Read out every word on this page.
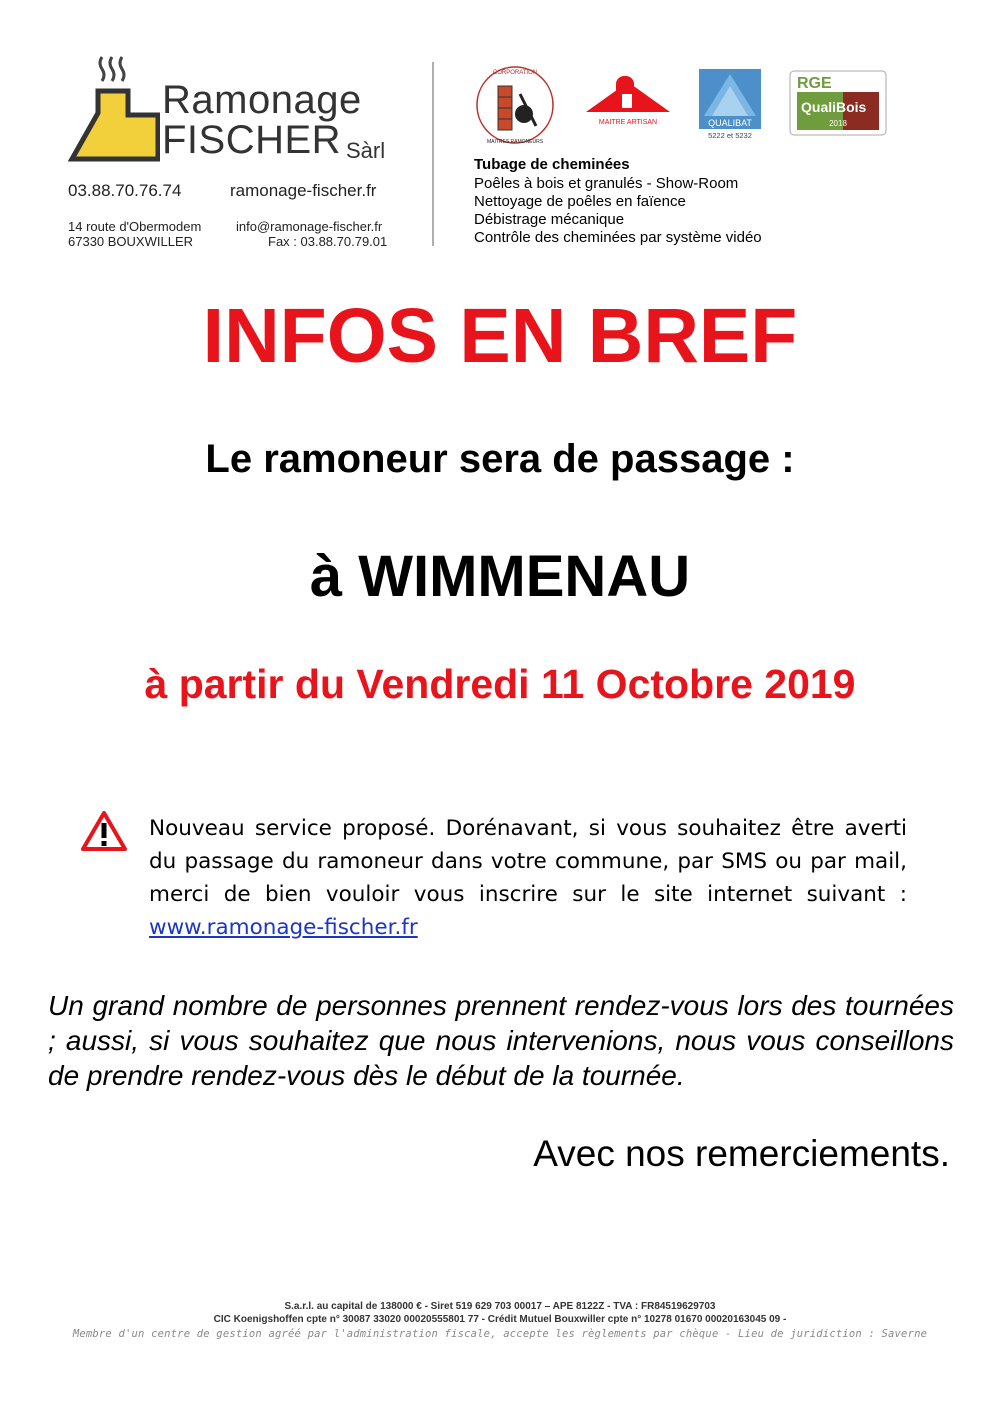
Ramonage
FISCHER Sàrl
03.88.70.76.74	ramonage-fischer.fr
14 route d'Obermodem
67330 BOUXWILLER
info@ramonage-fischer.fr
Fax : 03.88.70.79.01
CORPORATION
MAITRES RAMONEURS
MAITRE ARTISAN	QUALIBAT
5222 et 5232
RGE
QualiBois
2018
Tubage de cheminées
Poêles à bois et granulés - Show-Room
Nettoyage de poêles en faïence
Débistrage mécanique
Contrôle des cheminées par système vidéo
INFOS EN BREF
Le ramoneur sera de passage :
à WIMMENAU
à partir du Vendredi 11 Octobre 2019
Nouveau service proposé. Dorénavant, si vous souhaitez être averti du passage du ramoneur dans votre commune, par SMS ou par mail, merci de bien vouloir vous inscrire sur le site internet suivant : www.ramonage-fischer.fr
Un grand nombre de personnes prennent rendez-vous lors des tournées ; aussi, si vous souhaitez que nous intervenions, nous vous conseillons de prendre rendez-vous dès le début de la tournée.
Avec nos remerciements.
S.a.r.l. au capital de 138000 € - Siret 519 629 703 00017 – APE 8122Z - TVA : FR84519629703
CIC Koenigshoffen cpte n° 30087 33020 00020555801 77 - Crédit Mutuel Bouxwiller cpte n° 10278 01670 00020163045 09 -
Membre d'un centre de gestion agréé par l'administration fiscale, accepte les règlements par chèque - Lieu de juridiction : Saverne
